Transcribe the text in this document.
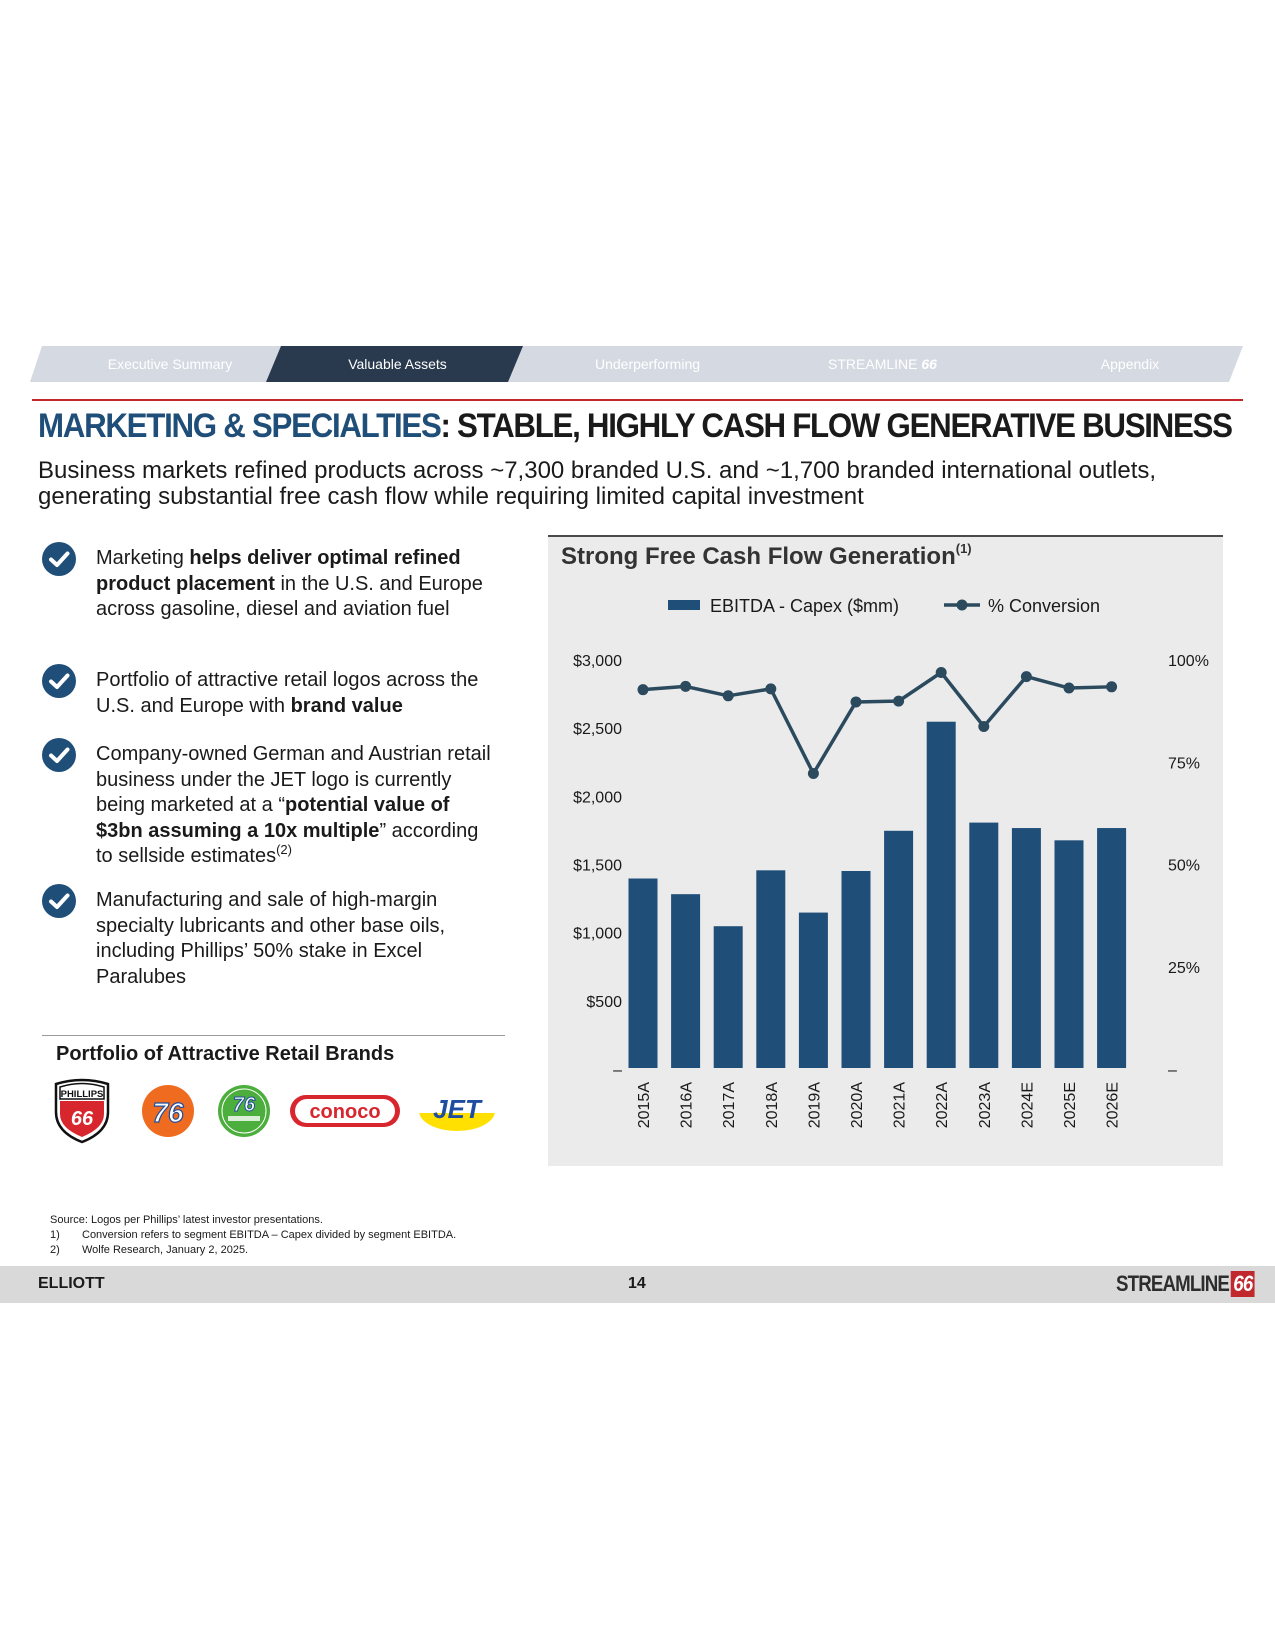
Executive Summary	Valuable Assets	Underperforming	STREAMLINE 66	Appendix
MARKETING & SPECIALTIES: STABLE, HIGHLY CASH FLOW GENERATIVE BUSINESS
Business markets refined products across ~7,300 branded U.S. and ~1,700 branded international outlets, generating substantial free cash flow while requiring limited capital investment
Marketing helps deliver optimal refined product placement in the U.S. and Europe across gasoline, diesel and aviation fuel
Portfolio of attractive retail logos across the U.S. and Europe with brand value
Company-owned German and Austrian retail business under the JET logo is currently being marketed at a “potential value of $3bn assuming a 10x multiple” according to sellside estimates$^{(2)}$
Manufacturing and sale of high-margin specialty lubricants and other base oils, including Phillips’ 50% stake in Excel Paralubes
Portfolio of Attractive Retail Brands
PHILLIPS
66 76 76	conoco JET
Strong Free Cash Flow Generation$^{(1)}$
–
$500
$1,000
$1,500
$2,000
$2,500
$3,000
–
25%
50%
75%
100%
2015A 2016A 2017A 2018A 2019A 2020A 2021A 2022A 2023A 2024E 2025E 2026E
EBITDA - Capex ($mm)	% Conversion
Source: Logos per Phillips’ latest investor presentations.
1) Conversion refers to segment EBITDA – Capex divided by segment EBITDA.
2) Wolfe Research, January 2, 2025.
ELLIOTT	14	STREAMLINE 66
